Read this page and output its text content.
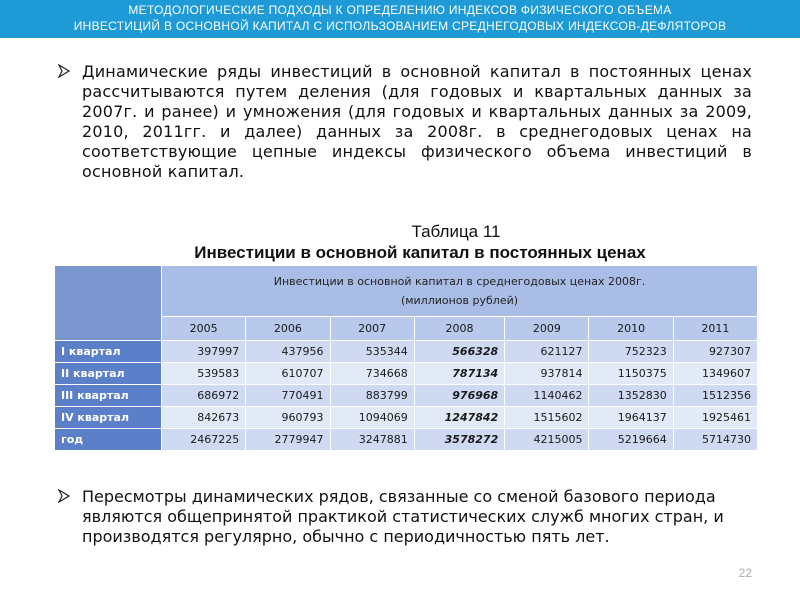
МЕТОДОЛОГИЧЕСКИЕ ПОДХОДЫ К ОПРЕДЕЛЕНИЮ ИНДЕКСОВ ФИЗИЧЕСКОГО ОБЪЕМА
ИНВЕСТИЦИЙ В ОСНОВНОЙ КАПИТАЛ С ИСПОЛЬЗОВАНИЕМ СРЕДНЕГОДОВЫХ ИНДЕКСОВ-ДЕФЛЯТОРОВ
Динамические ряды инвестиций в основной капитал в постоянных ценах рассчитываются путем деления (для годовых и квартальных данных за 2007г. и ранее) и умножения (для годовых и квартальных данных за 2009, 2010, 2011гг. и далее) данных за 2008г. в среднегодовых ценах на соответствующие цепные индексы физического объема инвестиций в основной капитал.
Таблица 11
Инвестиции в основной капитал в постоянных ценах

	Инвестиции в основной капитал в среднегодовых ценах 2008г.
(миллионов рублей)						

	2005	2006	2007	2008	2009	2010	2011
I квартал	397997	437956	535344	566328	621127	752323	927307
II квартал	539583	610707	734668	787134	937814	1150375	1349607
III квартал	686972	770491	883799	976968	1140462	1352830	1512356
IV квартал	842673	960793	1094069	1247842	1515602	1964137	1925461
год	2467225	2779947	3247881	3578272	4215005	5219664	5714730
Пересмотры динамических рядов, связанные со сменой базового периода являются общепринятой практикой статистических служб многих стран, и производятся регулярно, обычно с периодичностью пять лет.
22
